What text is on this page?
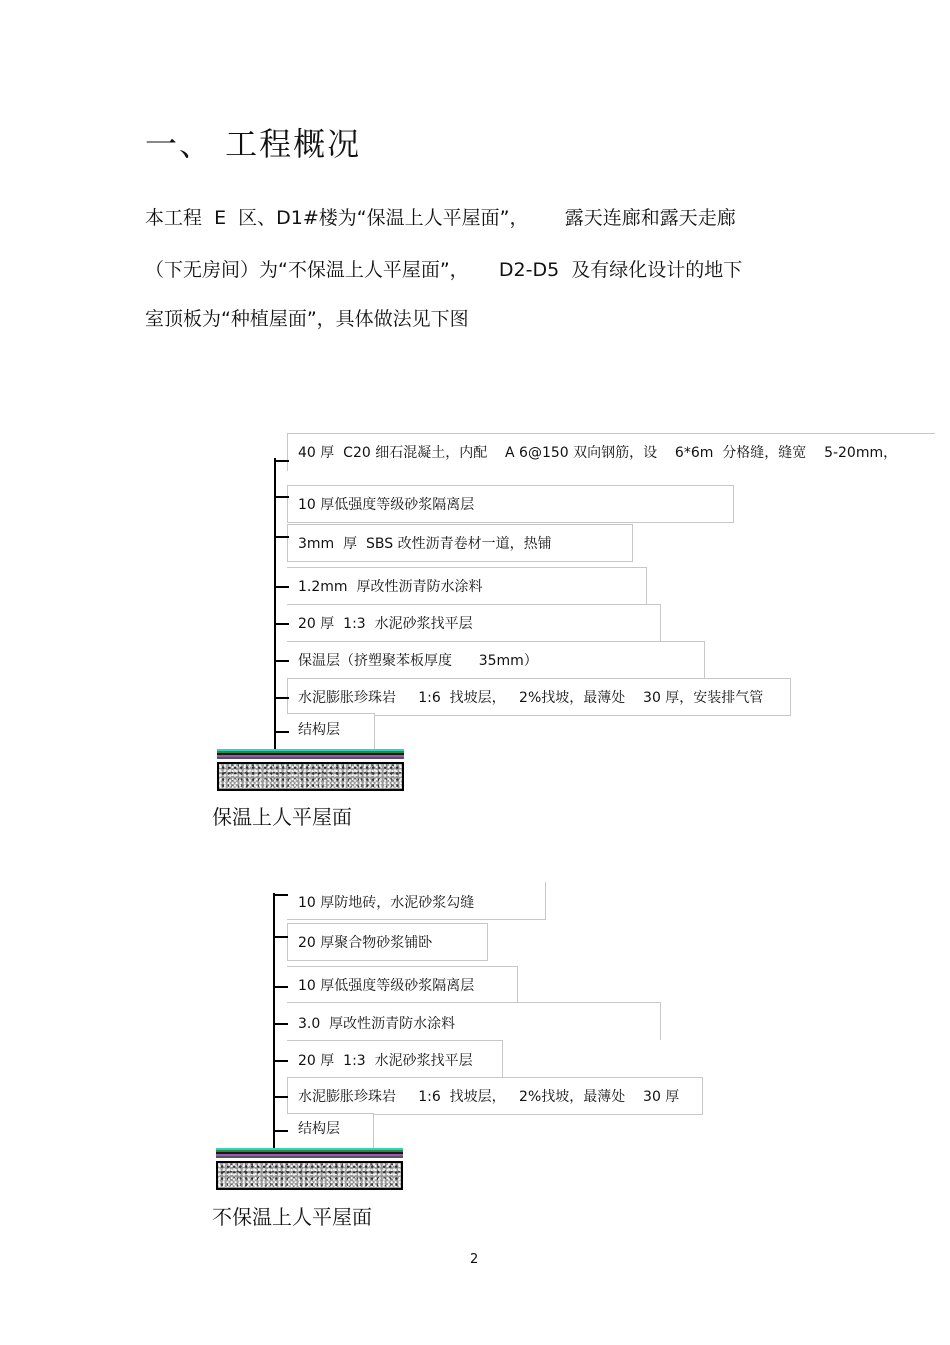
一、 工程概况
本工程  E  区、D1#楼为“保温上人平屋面”，      露天连廊和露天走廊
（下无房间）为“不保温上人平屋面”，     D2-D5  及有绿化设计的地下
室顶板为“种植屋面”，具体做法见下图
40 厚  C20 细石混凝土，内配    A 6@150 双向钢筋，设    6*6m  分格缝，缝宽    5-20mm，
10 厚低强度等级砂浆隔离层
3mm  厚  SBS 改性沥青卷材一道，热铺
1.2mm  厚改性沥青防水涂料
20 厚  1:3  水泥砂浆找平层
保温层（挤塑聚苯板厚度      35mm）
水泥膨胀珍珠岩     1:6  找坡层，   2%找坡，最薄处    30 厚，安装排气管
结构层
保温上人平屋面
10 厚防地砖，水泥砂浆勾缝
20 厚聚合物砂浆铺卧
10 厚低强度等级砂浆隔离层
3.0  厚改性沥青防水涂料
20 厚  1:3  水泥砂浆找平层
水泥膨胀珍珠岩     1:6  找坡层，   2%找坡，最薄处    30 厚
结构层
不保温上人平屋面
2
